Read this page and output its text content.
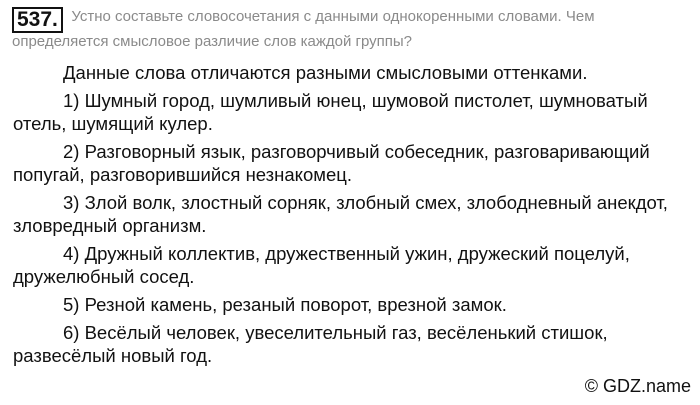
537. Устно составьте словосочетания с данными однокоренными словами. Чем
определяется смысловое различие слов каждой группы?

Данные слова отличаются разными смысловыми оттенками.

1) Шумный город, шумливый юнец, шумовой пистолет, шумноватый
отель, шумящий кулер.

2) Разговорный язык, разговорчивый собеседник, разговаривающий
попугай, разговорившийся незнакомец.

3) Злой волк, злостный сорняк, злобный смех, злободневный анекдот,
зловредный организм.

4) Дружный коллектив, дружественный ужин, дружеский поцелуй,
дружелюбный сосед.

5) Резной камень, резаный поворот, врезной замок.

6) Весёлый человек, увеселительный газ, весёленький стишок,
развесёлый новый год.

© GDZ.name
